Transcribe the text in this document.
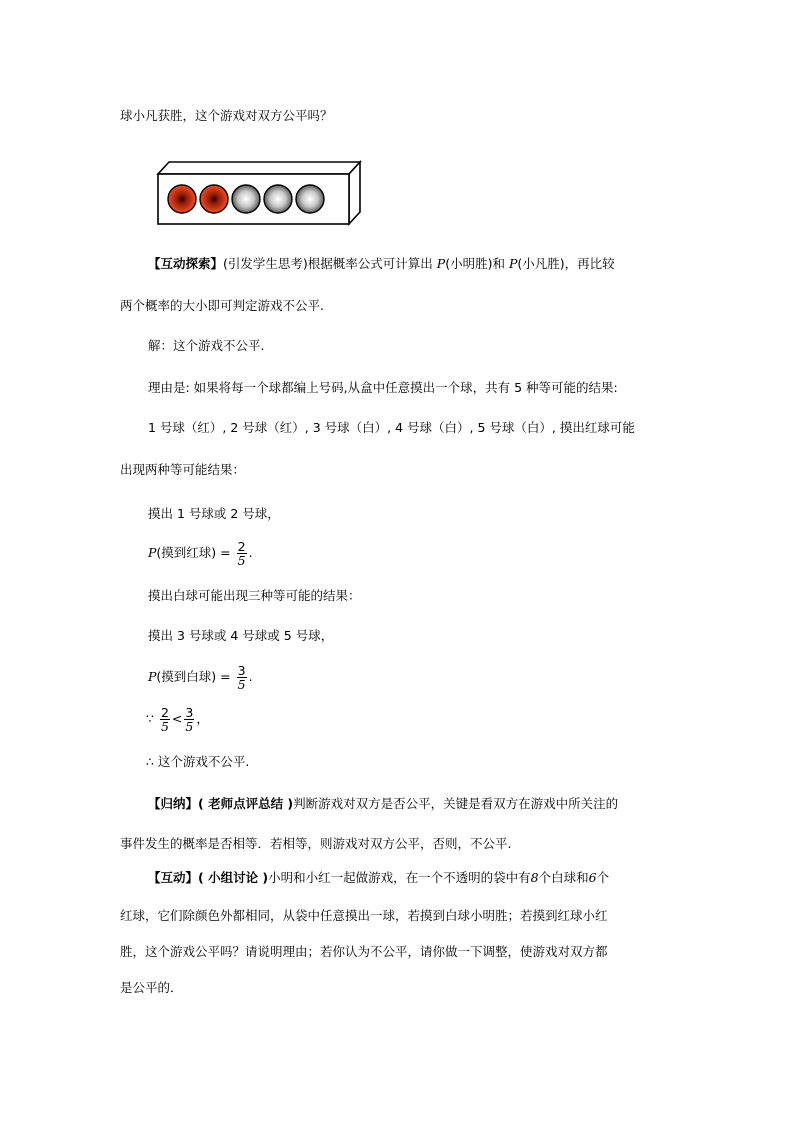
球小凡获胜，这个游戏对双方公平吗？
【互动探索】(引发学生思考)根据概率公式可计算出 P(小明胜)和 P(小凡胜)，再比较
两个概率的大小即可判定游戏不公平.
解：这个游戏不公平.
理由是: 如果将每一个球都编上号码,从盒中任意摸出一个球，共有 5 种等可能的结果:
1 号球（红）, 2 号球（红）, 3 号球（白）, 4 号球（白）, 5 号球（白）, 摸出红球可能
出现两种等可能结果：
摸出 1 号球或 2 号球，
P(摸到红球) = $\frac{2}{5}$ .
摸出白球可能出现三种等可能的结果：
摸出 3 号球或 4 号球或 5 号球，
P(摸到白球) = $\frac{3}{5}$ .
∵ $\frac{2}{5} < \frac{3}{5}$ ，
∴ 这个游戏不公平.
【归纳】( 老师点评总结 )判断游戏对双方是否公平，关键是看双方在游戏中所关注的
事件发生的概率是否相等．若相等，则游戏对双方公平，否则，不公平.
【互动】( 小组讨论 )小明和小红一起做游戏，在一个不透明的袋中有8个白球和6个
红球，它们除颜色外都相同，从袋中任意摸出一球，若摸到白球小明胜；若摸到红球小红
胜，这个游戏公平吗？请说明理由；若你认为不公平，请你做一下调整，使游戏对双方都
是公平的．
